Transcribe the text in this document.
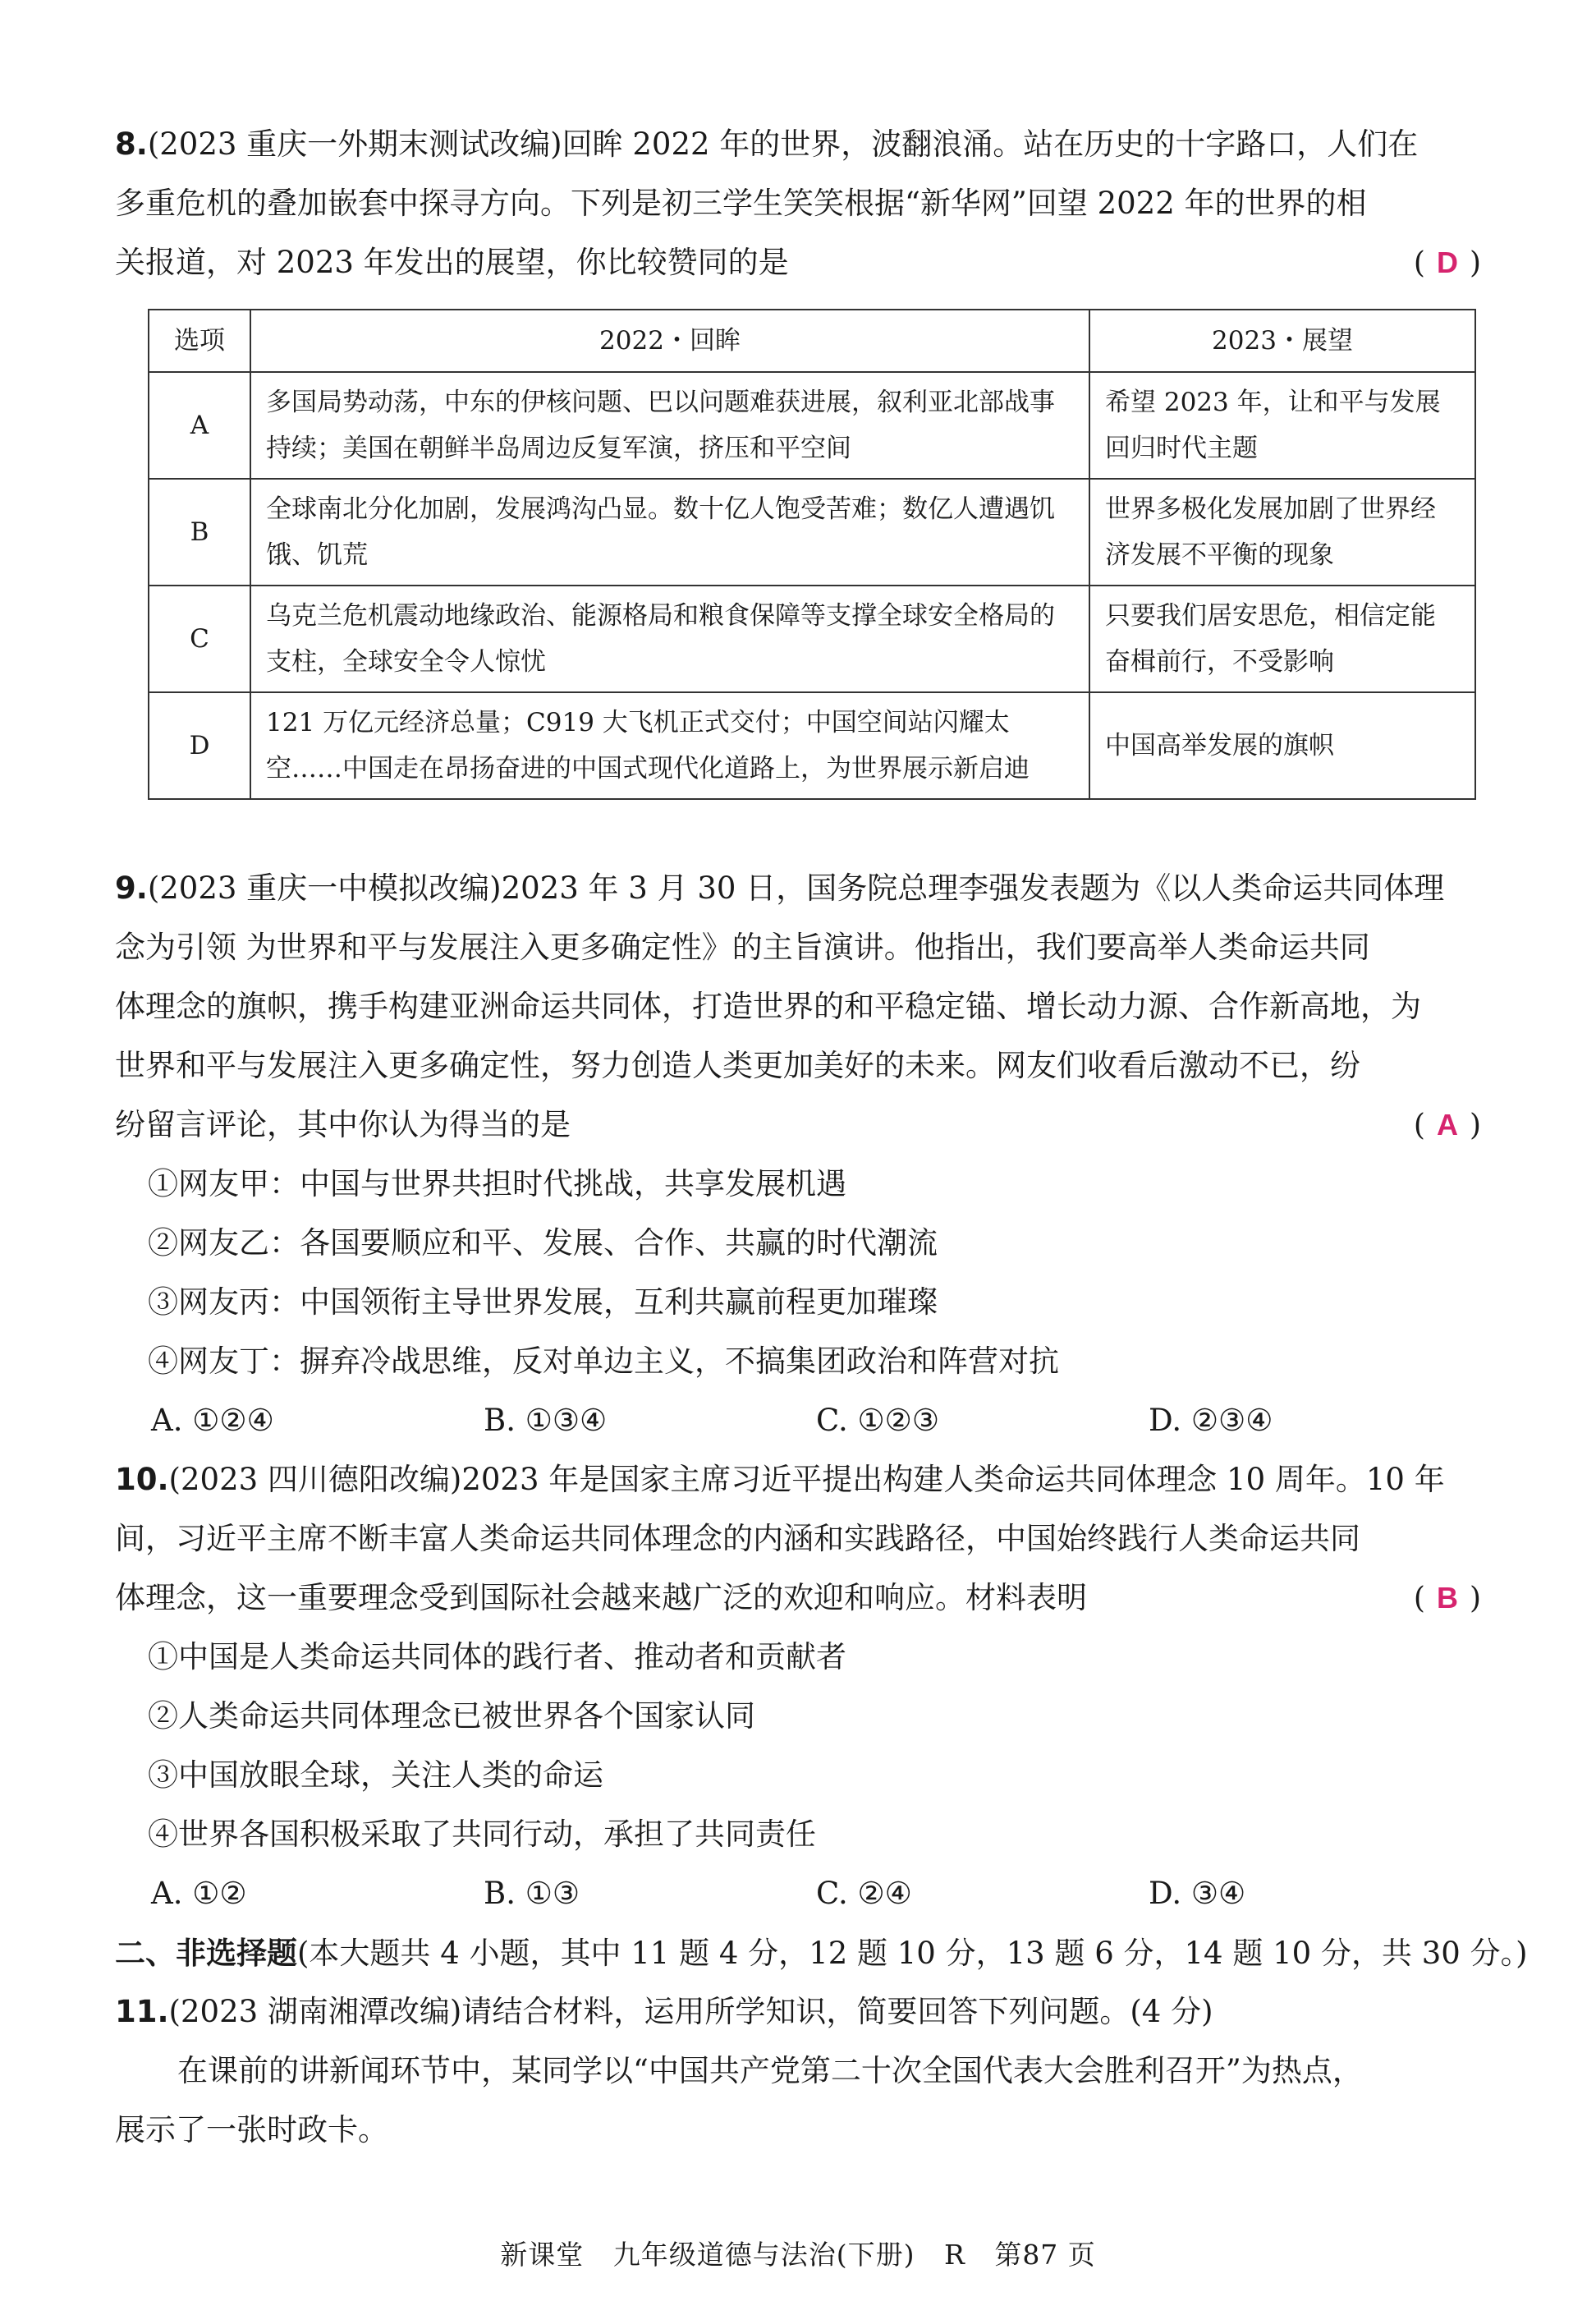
8.(2023 重庆一外期末测试改编)回眸 2022 年的世界，波翻浪涌。站在历史的十字路口，人们在
多重危机的叠加嵌套中探寻方向。下列是初三学生笑笑根据“新华网”回望 2022 年的世界的相
关报道，对 2023 年发出的展望，你比较赞同的是	( D )
选项	2022・回眸	2023・展望
A	多国局势动荡，中东的伊核问题、巴以问题难获进展，叙利亚北部战事持续；美国在朝鲜半岛周边反复军演，挤压和平空间	希望 2023 年，让和平与发展回归时代主题
B	全球南北分化加剧，发展鸿沟凸显。数十亿人饱受苦难；数亿人遭遇饥饿、饥荒	世界多极化发展加剧了世界经济发展不平衡的现象
C	乌克兰危机震动地缘政治、能源格局和粮食保障等支撑全球安全格局的支柱，全球安全令人惊忧	只要我们居安思危，相信定能奋楫前行，不受影响
D	121 万亿元经济总量；C919 大飞机正式交付；中国空间站闪耀太空……中国走在昂扬奋进的中国式现代化道路上，为世界展示新启迪	中国高举发展的旗帜
9.(2023 重庆一中模拟改编)2023 年 3 月 30 日，国务院总理李强发表题为《以人类命运共同体理
念为引领 为世界和平与发展注入更多确定性》的主旨演讲。他指出，我们要高举人类命运共同
体理念的旗帜，携手构建亚洲命运共同体，打造世界的和平稳定锚、增长动力源、合作新高地，为
世界和平与发展注入更多确定性，努力创造人类更加美好的未来。网友们收看后激动不已，纷
纷留言评论，其中你认为得当的是	( A )
①网友甲：中国与世界共担时代挑战，共享发展机遇
②网友乙：各国要顺应和平、发展、合作、共赢的时代潮流
③网友丙：中国领衔主导世界发展，互利共赢前程更加璀璨
④网友丁：摒弃冷战思维，反对单边主义，不搞集团政治和阵营对抗
A. ①②④	B. ①③④	C. ①②③	D. ②③④
10.(2023 四川德阳改编)2023 年是国家主席习近平提出构建人类命运共同体理念 10 周年。10 年
间，习近平主席不断丰富人类命运共同体理念的内涵和实践路径，中国始终践行人类命运共同
体理念，这一重要理念受到国际社会越来越广泛的欢迎和响应。材料表明	( B )
①中国是人类命运共同体的践行者、推动者和贡献者
②人类命运共同体理念已被世界各个国家认同
③中国放眼全球，关注人类的命运
④世界各国积极采取了共同行动，承担了共同责任
A. ①②	B. ①③	C. ②④	D. ③④
二、非选择题(本大题共 4 小题，其中 11 题 4 分，12 题 10 分，13 题 6 分，14 题 10 分，共 30 分。)
11.(2023 湖南湘潭改编)请结合材料，运用所学知识，简要回答下列问题。(4 分)
在课前的讲新闻环节中，某同学以“中国共产党第二十次全国代表大会胜利召开”为热点，
展示了一张时政卡。
新课堂 九年级道德与法治(下册) R 第87 页
